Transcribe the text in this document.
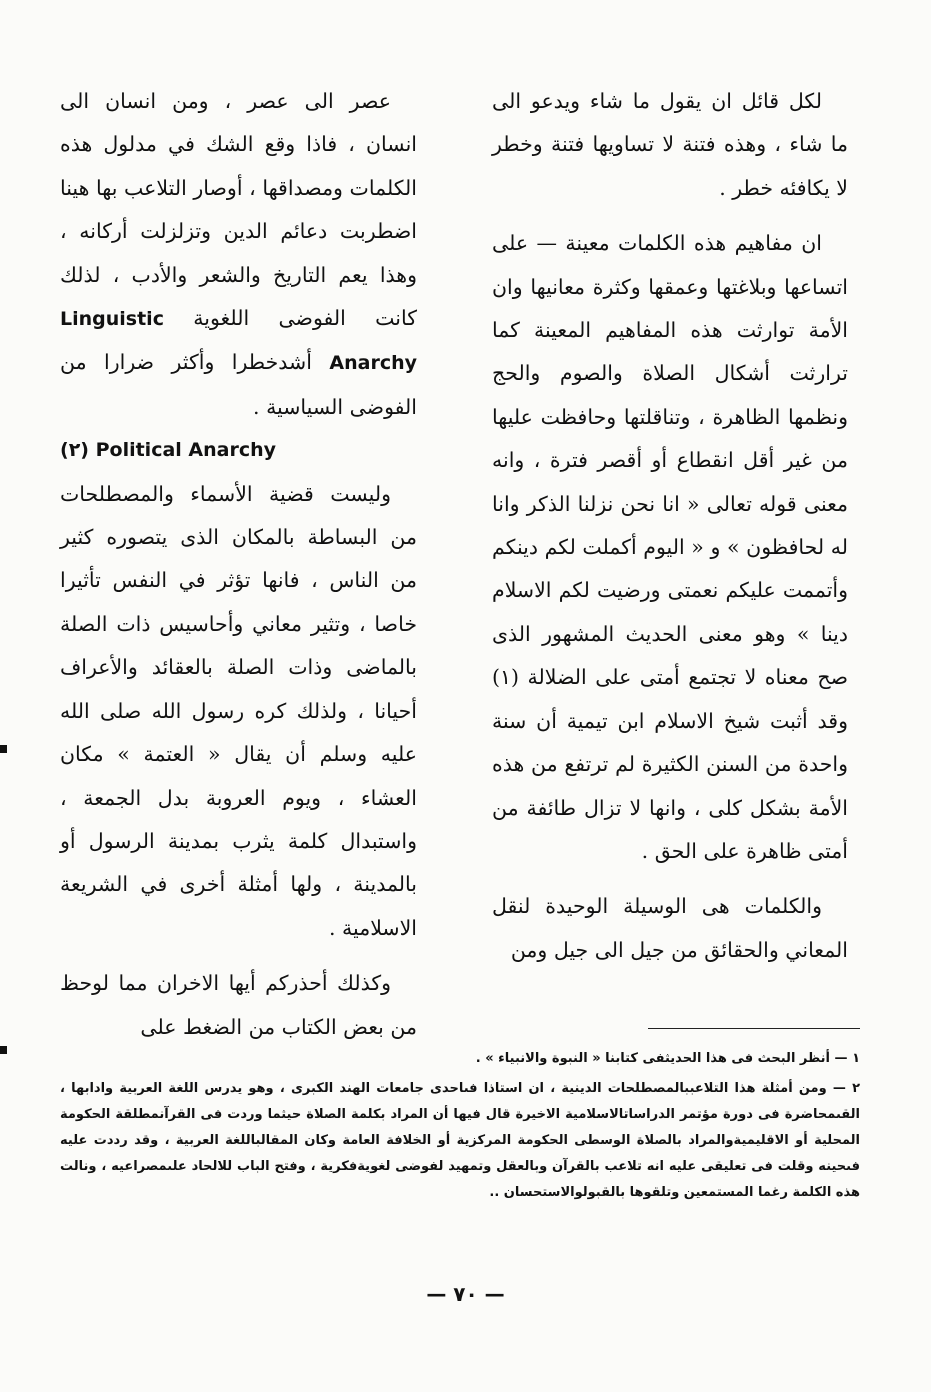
لكل قائل ان يقول ما شاء ويدعو الى ما شاء ، وهذه فتنة لا تساويها فتنة وخطر لا يكافئه خطر .

ان مفاهيم هذه الكلمات معينة — على اتساعها وبلاغتها وعمقها وكثرة معانيها وان الأمة توارثت هذه المفاهيم المعينة كما ترارثت أشكال الصلاة والصوم والحج ونظمها الظاهرة ، وتناقلتها وحافظت عليها من غير أقل انقطاع أو أقصر فترة ، وانه معنى قوله تعالى « انا نحن نزلنا الذكر وانا له لحافظون » و « اليوم أكملت لكم دينكم وأتممت عليكم نعمتى ورضيت لكم الاسلام دينا » وهو معنى الحديث المشهور الذى صح معناه لا تجتمع أمتى على الضلالة (١) وقد أثبت شيخ الاسلام ابن تيمية أن سنة واحدة من السنن الكثيرة لم ترتفع من هذه الأمة بشكل كلى ، وانها لا تزال طائفة من أمتى ظاهرة على الحق .

والكلمات هى الوسيلة الوحيدة لنقل المعاني والحقائق من جيل الى جيل ومن

عصر الى عصر ، ومن انسان الى انسان ، فاذا وقع الشك في مدلول هذه الكلمات ومصداقها ، أوصار التلاعب بها هينا اضطربت دعائم الدين وتزلزلت أركانه ، وهذا يعم التاريخ والشعر والأدب ، لذلك كانت الفوضى اللغوية Linguistic Anarchy أشدخطرا وأكثر ضرارا من الفوضى السياسية .

(٢) Political Anarchy

وليست قضية الأسماء والمصطلحات من البساطة بالمكان الذى يتصوره كثير من الناس ، فانها تؤثر في النفس تأثيرا خاصا ، وتثير معاني وأحاسيس ذات الصلة بالماضى وذات الصلة بالعقائد والأعراف أحيانا ، ولذلك كره رسول الله صلى الله عليه وسلم أن يقال « العتمة » مكان العشاء ، ويوم العروبة بدل الجمعة ، واستبدال كلمة يثرب بمدينة الرسول أو بالمدينة ، ولها أمثلة أخرى في الشريعة الاسلامية .

وكذلك أحذركم أيها الاخران مما لوحظ من بعض الكتاب من الضغط على

١ — أنظر البحث فى هذا الحديثفى كتابنا « النبوة والانبياء » .

٢ — ومن أمثلة هذا التلاعببالمصطلحات الدينية ، ان استاذا فىاحدى جامعات الهند الكبرى ، وهو يدرس اللغة العربية وادابها ، القىمحاضرة فى دورة مؤتمر الدراساتالاسلامية الاخيرة قال فيها أن المراد بكلمة الصلاة حيثما وردت فى القرآنمطلقة الحكومة المحلية أو الاقليميةوالمراد بالصلاة الوسطى الحكومة المركزية أو الخلافة العامة وكان المقالباللغة العربية ، وقد رددت عليه فىحينه وقلت فى تعليقى عليه انه تلاعب بالقرآن وبالعقل وتمهيد لفوضى لغويةفكرية ، وفتح الباب للالحاد علىمصراعيه ، ونالت هذه الكلمة رغما المستمعين وتلقوها بالقبولوالاستحسان ..

— ٧٠ —
